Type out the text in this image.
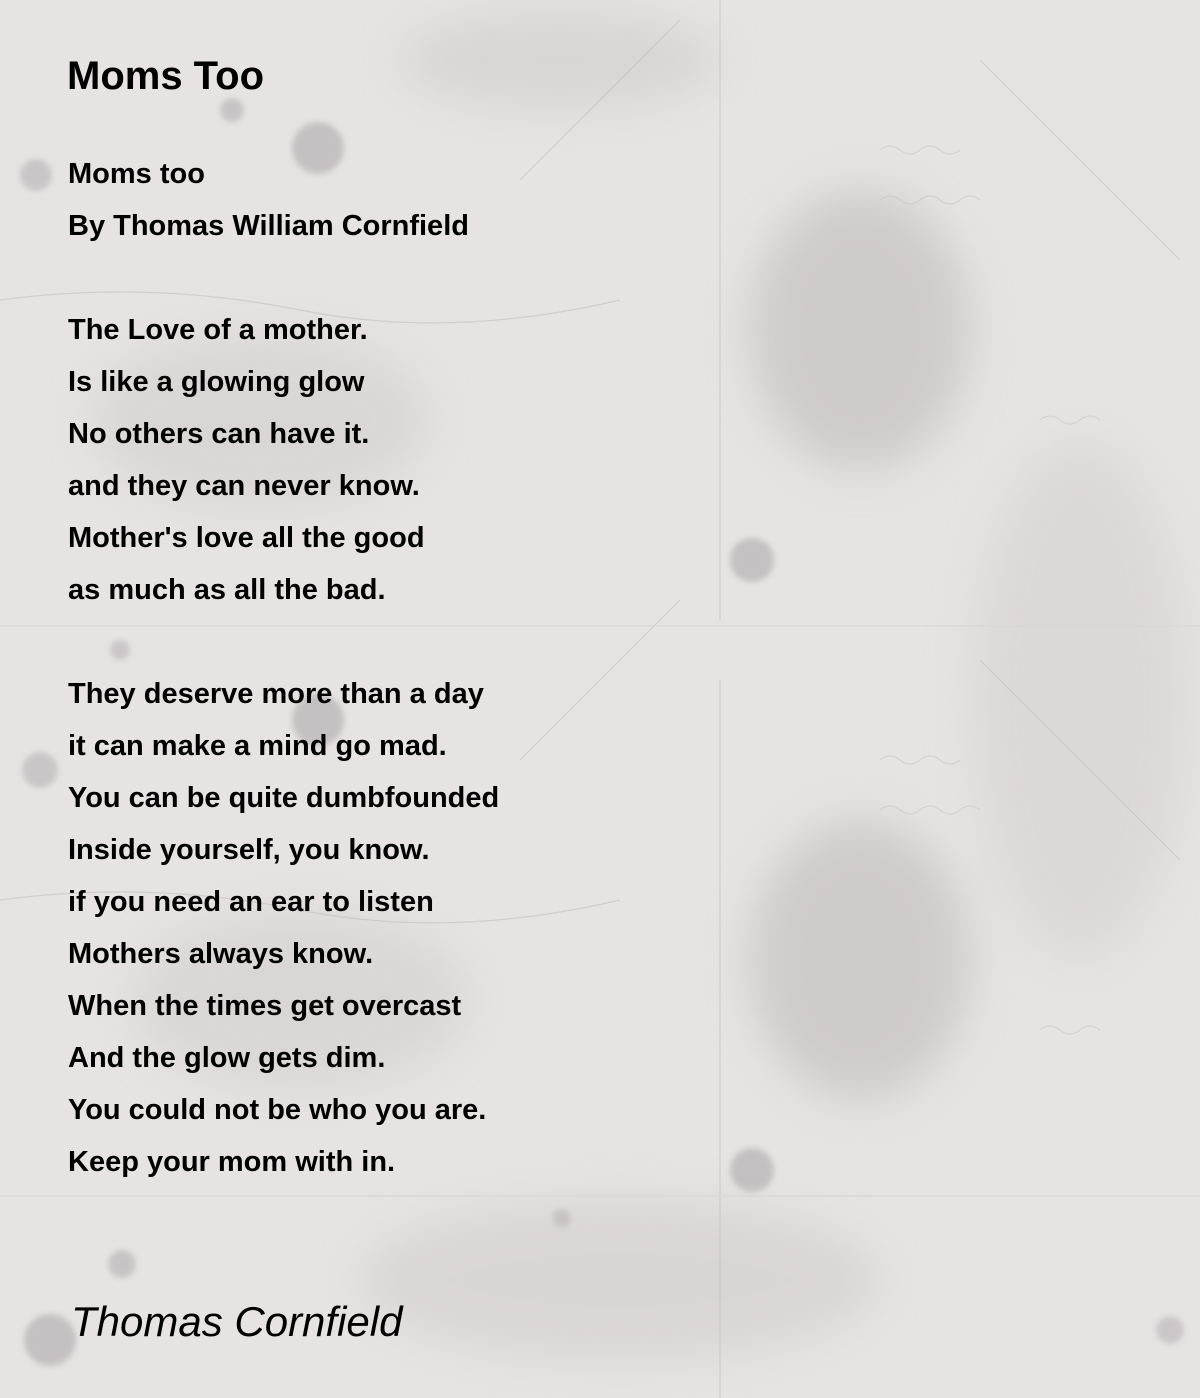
Moms Too
Moms too
By Thomas William Cornfield
The Love of a mother.
Is like a glowing glow
No others can have it.
and they can never know.
Mother's love all the good
as much as all the bad.
They deserve more than a day
it can make a mind go mad.
You can be quite dumbfounded
Inside yourself, you know.
if you need an ear to listen
Mothers always know.
When the times get overcast
And the glow gets dim.
You could not be who you are.
Keep your mom with in.
Thomas Cornfield
